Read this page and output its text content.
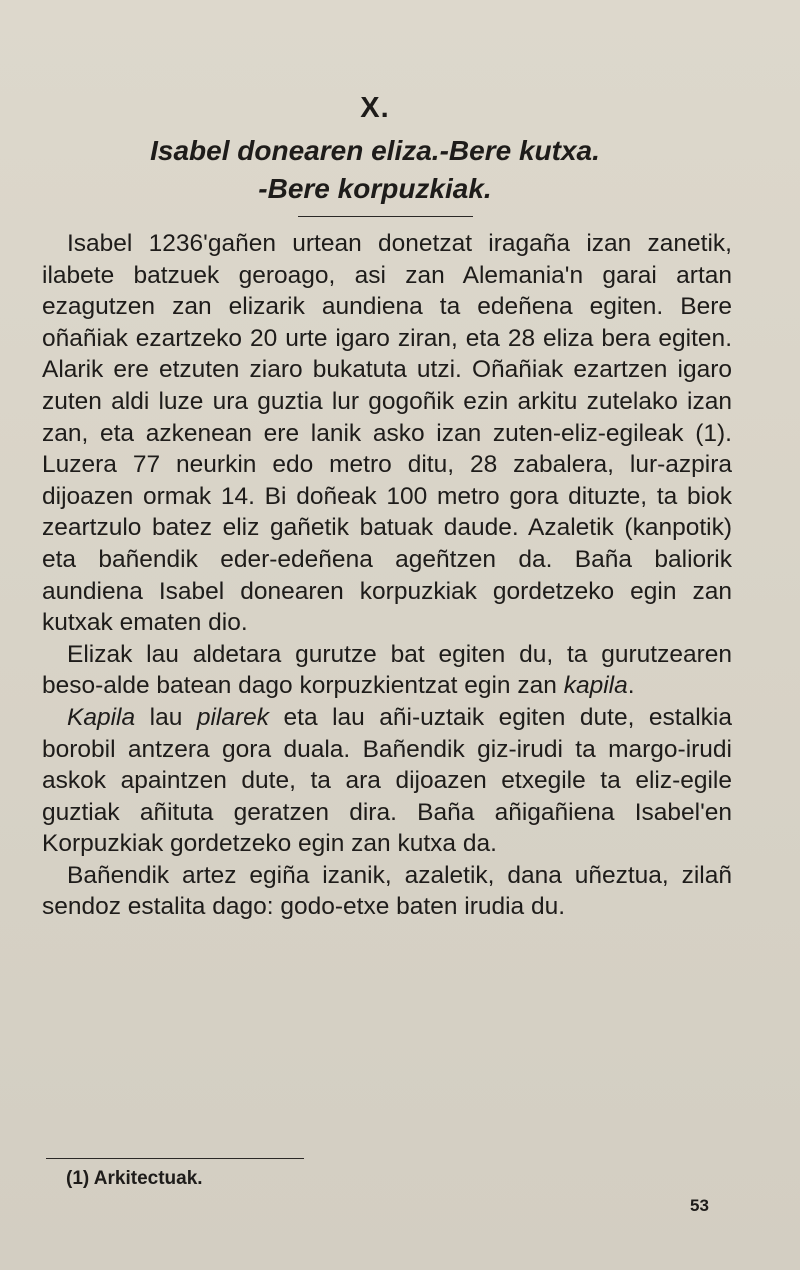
X.
Isabel donearen eliza.-Bere kutxa.
-Bere korpuzkiak.

Isabel 1236'gañen urtean donetzat iragaña izan zanetik, ilabete batzuek geroago, asi zan Alemania'n garai artan ezagutzen zan elizarik aundiena ta edeñena egiten. Bere oñañiak ezartzeko 20 urte igaro ziran, eta 28 eliza bera egiten. Alarik ere etzuten ziaro bukatuta utzi. Oñañiak ezartzen igaro zuten aldi luze ura guztia lur gogoñik ezin arkitu zutelako izan zan, eta azkenean ere lanik asko izan zuten-eliz-egileak (1). Luzera 77 neurkin edo metro ditu, 28 zabalera, lur-azpira dijoazen ormak 14. Bi doñeak 100 metro gora dituzte, ta biok zeartzulo batez eliz gañetik batuak daude. Azaletik (kanpotik) eta bañendik eder-edeñena ageñtzen da. Baña baliorik aundiena Isabel donearen korpuzkiak gordetzeko egin zan kutxak ematen dio.

Elizak lau aldetara gurutze bat egiten du, ta gurutzearen beso-alde batean dago korpuzkientzat egin zan kapila.

Kapila lau pilarek eta lau añi-uztaik egiten dute, estalkia borobil antzera gora duala. Bañendik giz-irudi ta margo-irudi askok apaintzen dute, ta ara dijoazen etxegile ta eliz-egile guztiak añituta geratzen dira. Baña añigañiena Isabel'en Korpuzkiak gordetzeko egin zan kutxa da.

Bañendik artez egiña izanik, azaletik, dana uñeztua, zilañ sendoz estalita dago: godo-etxe baten irudia du.

(1) Arkitectuak.
53
